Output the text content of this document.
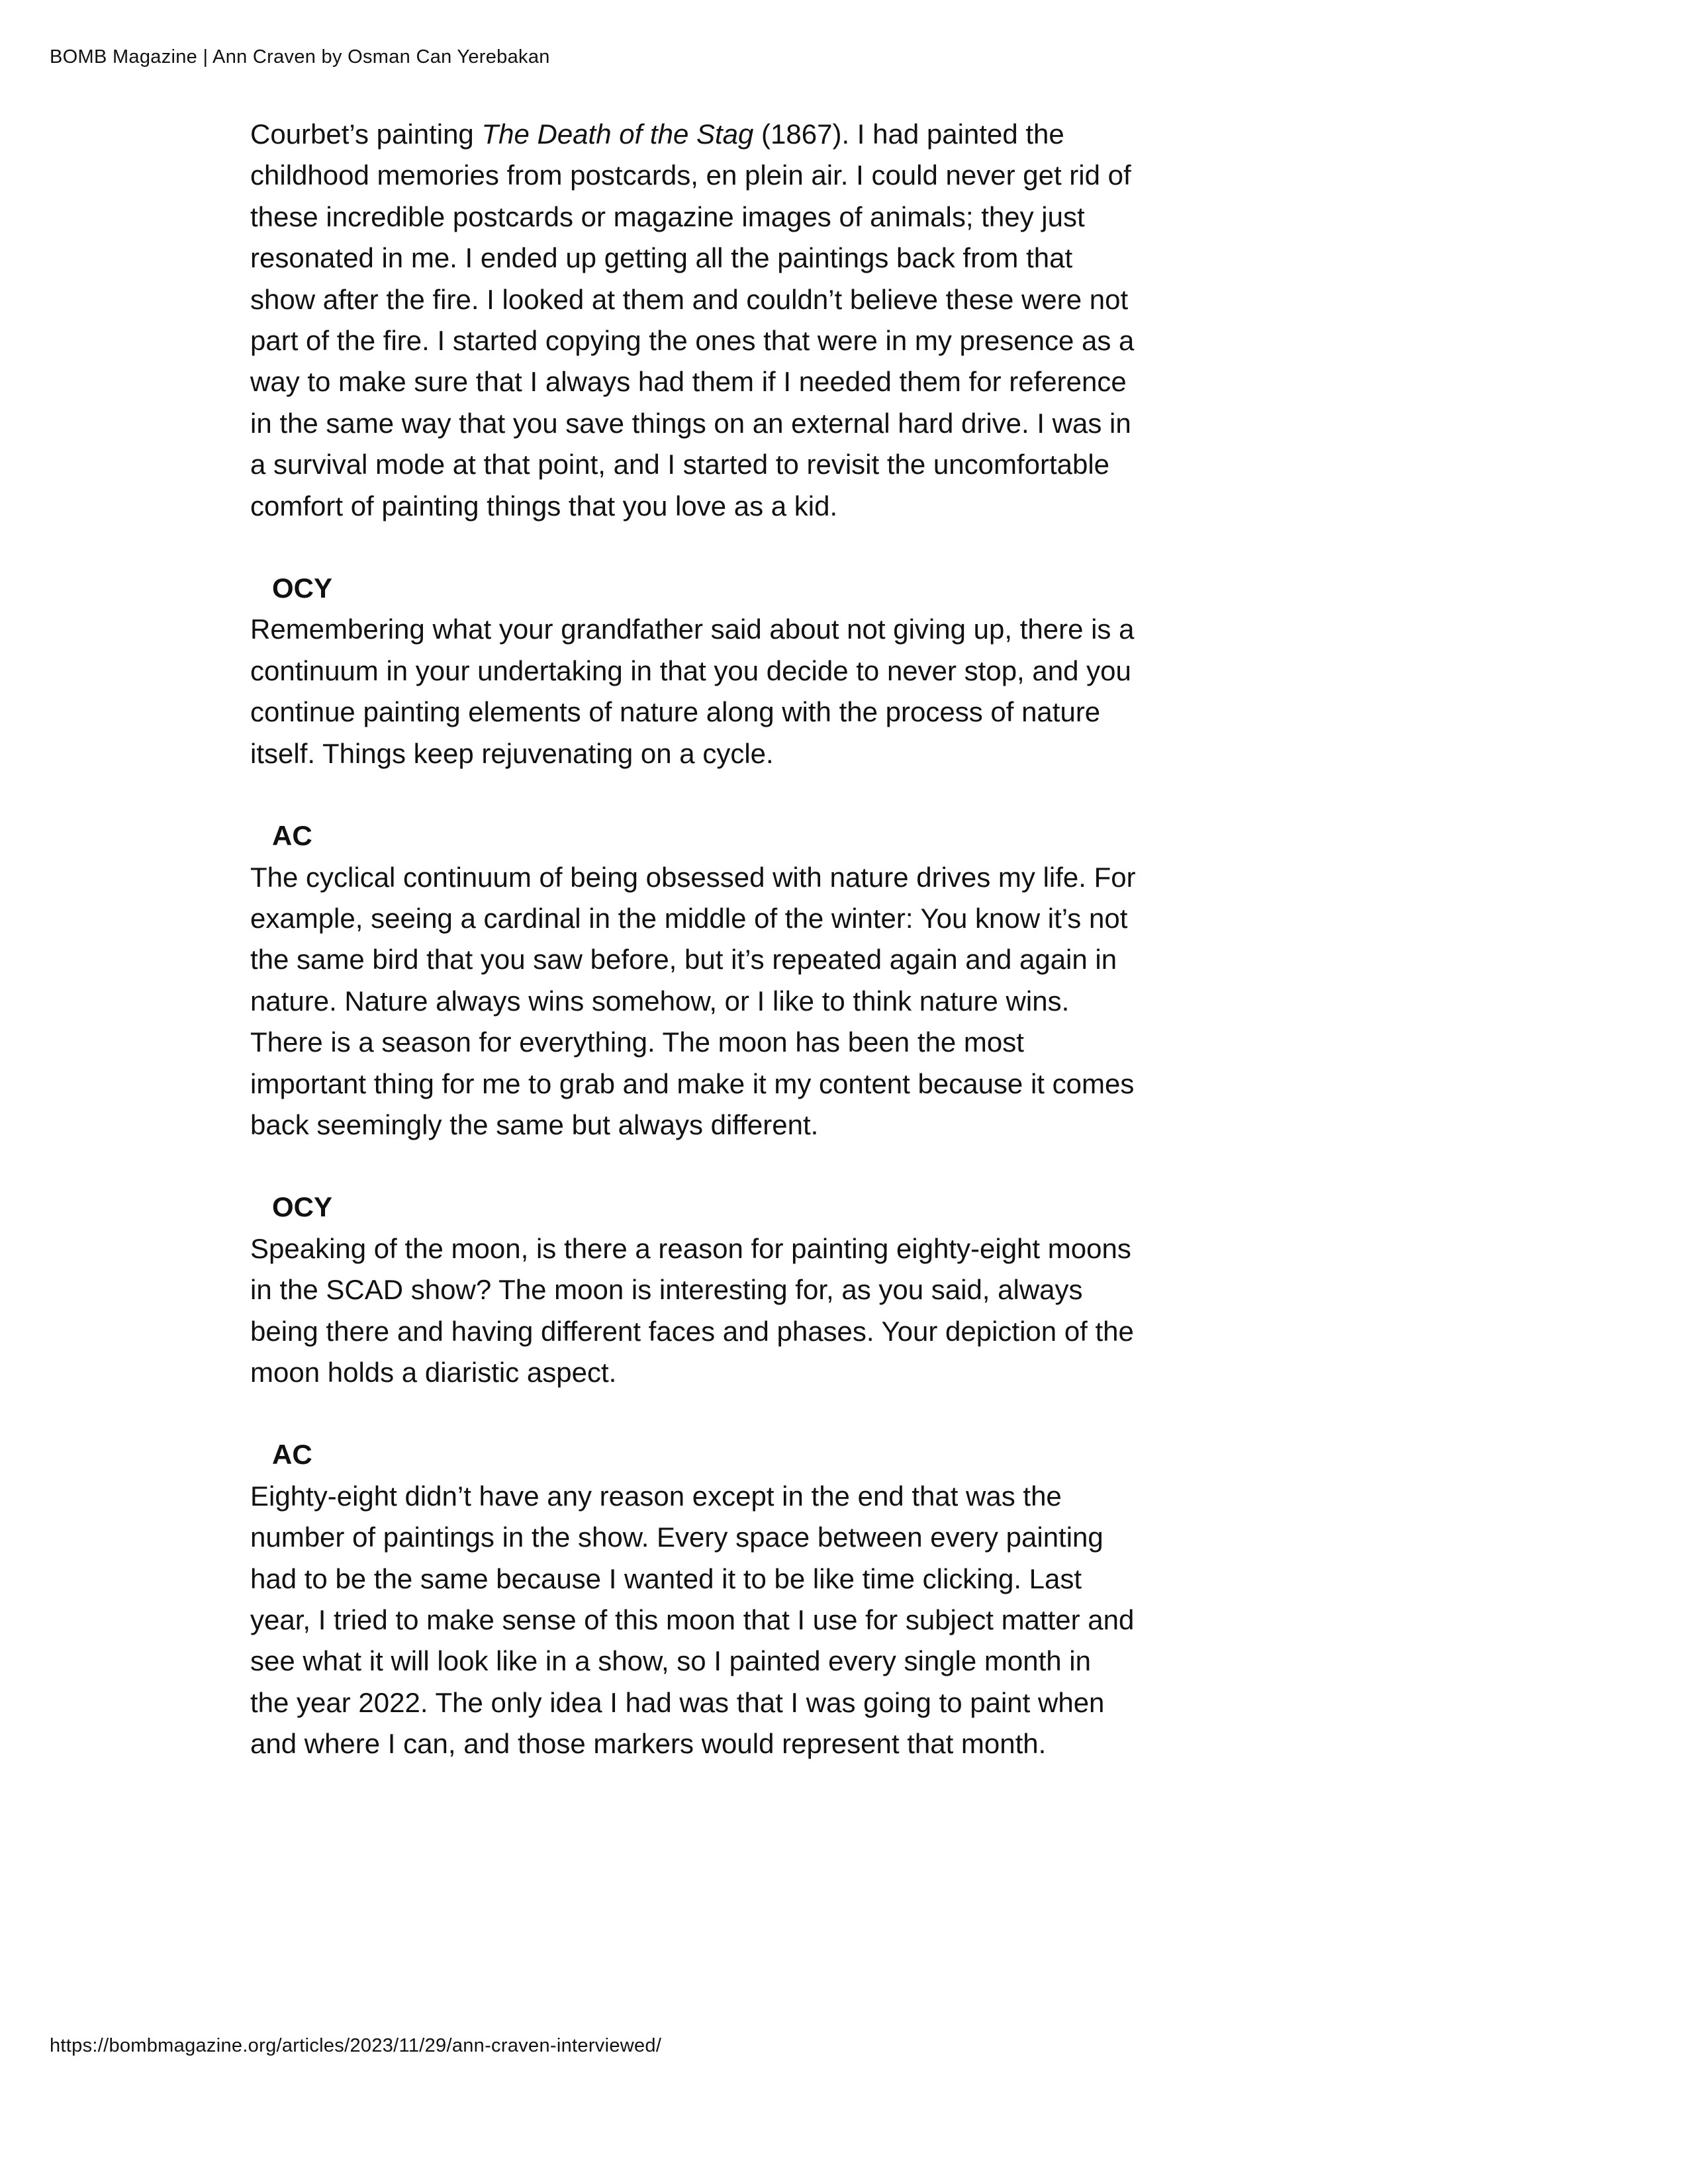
BOMB Magazine | Ann Craven by Osman Can Yerebakan

Courbet’s painting The Death of the Stag (1867). I had painted the childhood memories from postcards, en plein air. I could never get rid of these incredible postcards or magazine images of animals; they just resonated in me. I ended up getting all the paintings back from that show after the fire. I looked at them and couldn’t believe these were not part of the fire. I started copying the ones that were in my presence as a way to make sure that I always had them if I needed them for reference in the same way that you save things on an external hard drive. I was in a survival mode at that point, and I started to revisit the uncomfortable comfort of painting things that you love as a kid.

OCY

Remembering what your grandfather said about not giving up, there is a continuum in your undertaking in that you decide to never stop, and you continue painting elements of nature along with the process of nature itself. Things keep rejuvenating on a cycle.

AC

The cyclical continuum of being obsessed with nature drives my life. For example, seeing a cardinal in the middle of the winter: You know it’s not the same bird that you saw before, but it’s repeated again and again in nature. Nature always wins somehow, or I like to think nature wins. There is a season for everything. The moon has been the most important thing for me to grab and make it my content because it comes back seemingly the same but always different.

OCY

Speaking of the moon, is there a reason for painting eighty-eight moons in the SCAD show? The moon is interesting for, as you said, always being there and having different faces and phases. Your depiction of the moon holds a diaristic aspect.

AC

Eighty-eight didn’t have any reason except in the end that was the number of paintings in the show. Every space between every painting had to be the same because I wanted it to be like time clicking. Last year, I tried to make sense of this moon that I use for subject matter and see what it will look like in a show, so I painted every single month in the year 2022. The only idea I had was that I was going to paint when and where I can, and those markers would represent that month.

https://bombmagazine.org/articles/2023/11/29/ann-craven-interviewed/
